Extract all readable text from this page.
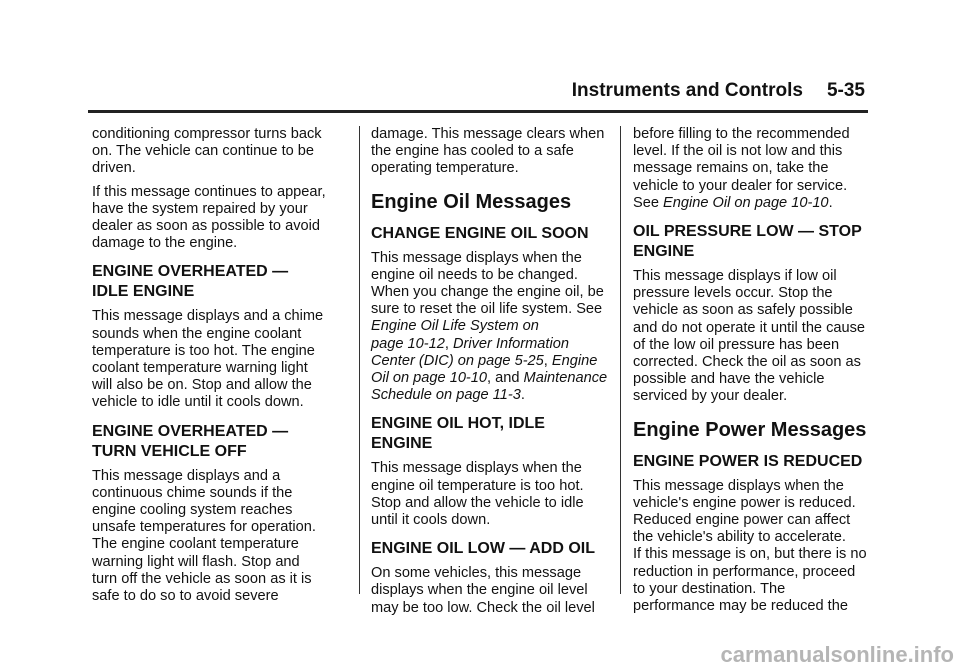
Instruments and Controls 5-35

conditioning compressor turns back
on. The vehicle can continue to be
driven.

If this message continues to appear,
have the system repaired by your
dealer as soon as possible to avoid
damage to the engine.

ENGINE OVERHEATED —
IDLE ENGINE

This message displays and a chime
sounds when the engine coolant
temperature is too hot. The engine
coolant temperature warning light
will also be on. Stop and allow the
vehicle to idle until it cools down.

ENGINE OVERHEATED —
TURN VEHICLE OFF

This message displays and a
continuous chime sounds if the
engine cooling system reaches
unsafe temperatures for operation.
The engine coolant temperature
warning light will flash. Stop and
turn off the vehicle as soon as it is
safe to do so to avoid severe

damage. This message clears when
the engine has cooled to a safe
operating temperature.

Engine Oil Messages
CHANGE ENGINE OIL SOON

This message displays when the
engine oil needs to be changed.
When you change the engine oil, be
sure to reset the oil life system. See
Engine Oil Life System on
page 10-12, Driver Information
Center (DIC) on page 5-25, Engine
Oil on page 10-10, and Maintenance
Schedule on page 11-3.

ENGINE OIL HOT, IDLE
ENGINE

This message displays when the
engine oil temperature is too hot.
Stop and allow the vehicle to idle
until it cools down.

ENGINE OIL LOW — ADD OIL

On some vehicles, this message
displays when the engine oil level
may be too low. Check the oil level

before filling to the recommended
level. If the oil is not low and this
message remains on, take the
vehicle to your dealer for service.
See Engine Oil on page 10-10.

OIL PRESSURE LOW — STOP
ENGINE

This message displays if low oil
pressure levels occur. Stop the
vehicle as soon as safely possible
and do not operate it until the cause
of the low oil pressure has been
corrected. Check the oil as soon as
possible and have the vehicle
serviced by your dealer.

Engine Power Messages
ENGINE POWER IS REDUCED

This message displays when the
vehicle's engine power is reduced.
Reduced engine power can affect
the vehicle's ability to accelerate.
If this message is on, but there is no
reduction in performance, proceed
to your destination. The
performance may be reduced the

carmanualsonline.info
